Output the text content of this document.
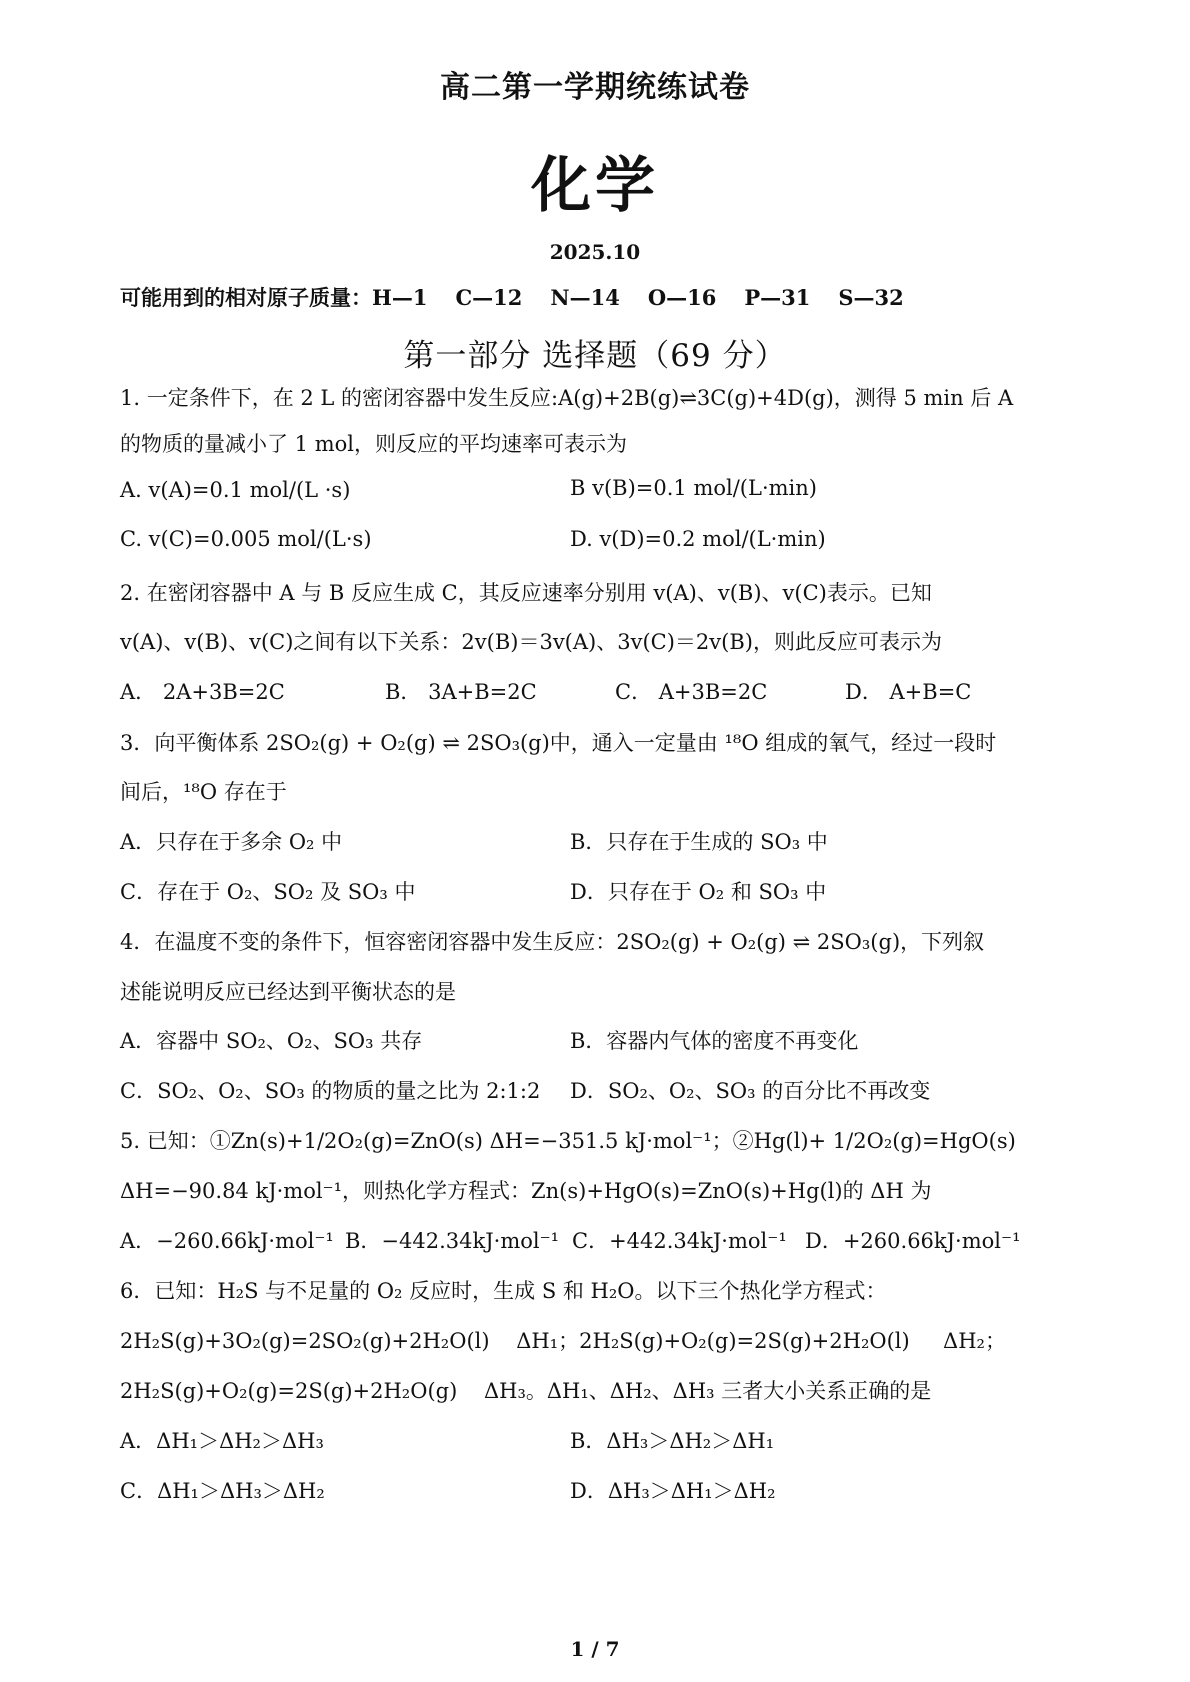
高二第一学期统练试卷
化学
2025.10
可能用到的相对原子质量：H—1 C—12 N—14 O—16 P—31 S—32
第一部分 选择题（69 分）
1. 一定条件下，在 2 L 的密闭容器中发生反应:A(g)+2B(g)⇌3C(g)+4D(g)，测得 5 min 后 A
的物质的量减小了 1 mol，则反应的平均速率可表示为
A. v(A)=0.1 mol/(L ·s)	B v(B)=0.1 mol/(L·min)
C. v(C)=0.005 mol/(L·s)	D. v(D)=0.2 mol/(L·min)
2. 在密闭容器中 A 与 B 反应生成 C，其反应速率分别用 v(A)、v(B)、v(C)表示。已知
v(A)、v(B)、v(C)之间有以下关系：2v(B)＝3v(A)、3v(C)＝2v(B)，则此反应可表示为
A． 2A+3B=2C	B． 3A+B=2C	C． A+3B=2C	D． A+B=C
3．向平衡体系 2SO₂(g) + O₂(g) ⇌ 2SO₃(g)中，通入一定量由 ¹⁸O 组成的氧气，经过一段时
间后，¹⁸O 存在于
A．只存在于多余 O₂ 中	B．只存在于生成的 SO₃ 中
C．存在于 O₂、SO₂ 及 SO₃ 中	D．只存在于 O₂ 和 SO₃ 中
4．在温度不变的条件下，恒容密闭容器中发生反应：2SO₂(g) + O₂(g) ⇌ 2SO₃(g)，下列叙
述能说明反应已经达到平衡状态的是
A．容器中 SO₂、O₂、SO₃ 共存	B．容器内气体的密度不再变化
C．SO₂、O₂、SO₃ 的物质的量之比为 2:1:2 D．SO₂、O₂、SO₃ 的百分比不再改变
5. 已知：①Zn(s)+1/2O₂(g)=ZnO(s) ΔH=−351.5 kJ·mol⁻¹；②Hg(l)+ 1/2O₂(g)=HgO(s)
ΔH=−90.84 kJ·mol⁻¹，则热化学方程式：Zn(s)+HgO(s)=ZnO(s)+Hg(l)的 ΔH 为
A．−260.66kJ·mol⁻¹ B．−442.34kJ·mol⁻¹ C．+442.34kJ·mol⁻¹ D．+260.66kJ·mol⁻¹
6．已知：H₂S 与不足量的 O₂ 反应时，生成 S 和 H₂O。以下三个热化学方程式：
2H₂S(g)+3O₂(g)=2SO₂(g)+2H₂O(l)    ΔH₁；2H₂S(g)+O₂(g)=2S(g)+2H₂O(l)     ΔH₂；
2H₂S(g)+O₂(g)=2S(g)+2H₂O(g)    ΔH₃。ΔH₁、ΔH₂、ΔH₃ 三者大小关系正确的是
A．ΔH₁＞ΔH₂＞ΔH₃	B．ΔH₃＞ΔH₂＞ΔH₁
C．ΔH₁＞ΔH₃＞ΔH₂	D．ΔH₃＞ΔH₁＞ΔH₂
1 / 7
